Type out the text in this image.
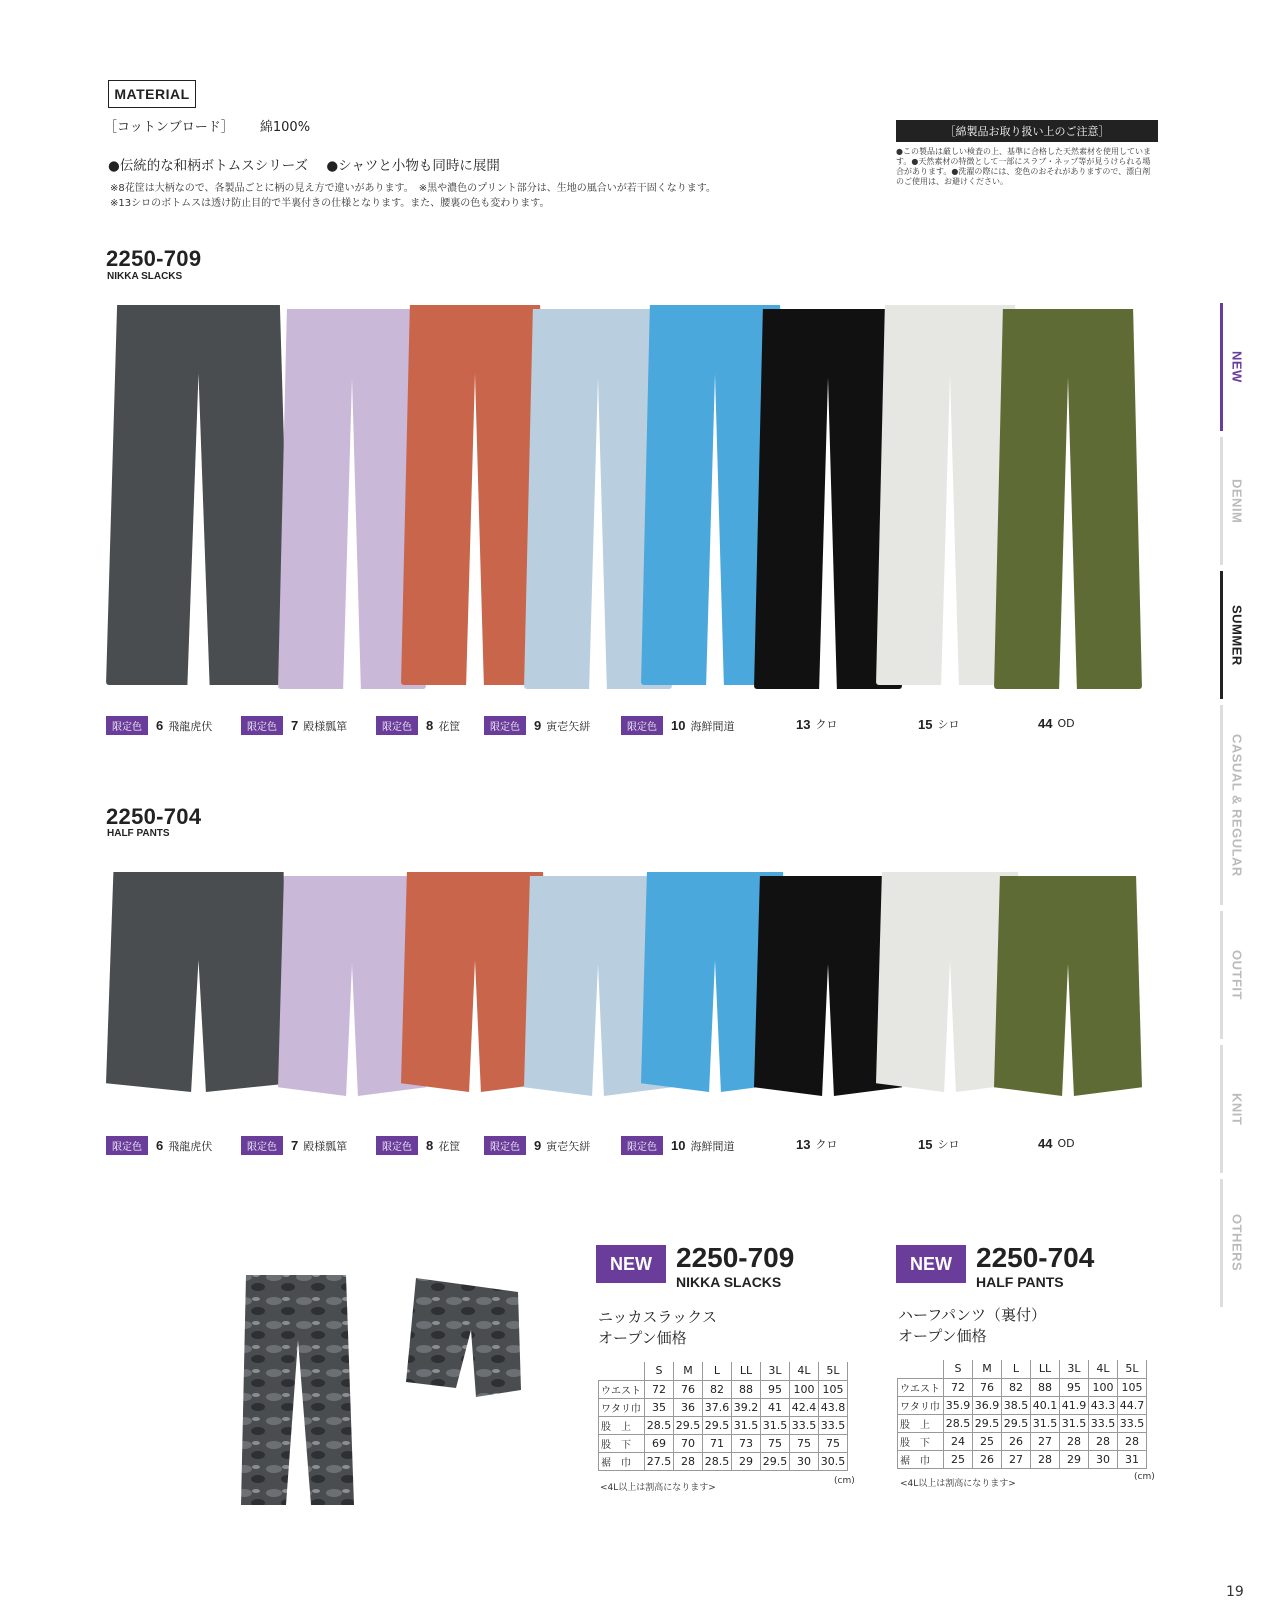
MATERIAL
［コットンブロード］ 綿100%
●伝統的な和柄ボトムスシリーズ ●シャツと小物も同時に展開
※8花筐は大柄なので、各製品ごとに柄の見え方で違いがあります。　※黒や濃色のプリント部分は、生地の風合いが若干固くなります。
※13シロのボトムスは透け防止目的で半裏付きの仕様となります。また、腰裏の色も変わります。
［綿製品お取り扱い上のご注意］
●この製品は厳しい検査の上、基準に合格した天然素材を使用しています。●天然素材の特徴として一部にスラブ・ネップ等が見うけられる場合があります。●洗濯の際には、変色のおそれがありますので、漂白剤のご使用は、お避けください。
2250-709
NIKKA SLACKS
限定色	6 飛龍虎伏	限定色	7 殿様瓢箪	限定色	8 花筐	限定色	9 寅壱矢絣	限定色	10 海鮮間道	13 クロ	15 シロ	44 OD
2250-704
HALF PANTS
限定色	6 飛龍虎伏	限定色	7 殿様瓢箪	限定色	8 花筐	限定色	9 寅壱矢絣	限定色	10 海鮮間道	13 クロ	15 シロ	44 OD
NEW
DENIM
SUMMER
CASUAL & REGULAR
OUTFIT
KNIT
OTHERS
NEW 2250-709
NIKKA SLACKS
ニッカスラックス
オープン価格
	S	M	L	LL	3L	4L	5L
ウエスト	72	76	82	88	95	100	105
ワタリ巾	35	36	37.6	39.2	41	42.4	43.8
股　上	28.5	29.5	29.5	31.5	31.5	33.5	33.5
股　下	69	70	71	73	75	75	75
裾　巾	27.5	28	28.5	29	29.5	30	30.5
<4L以上は割高になります>
(cm)
NEW 2250-704
HALF PANTS
ハーフパンツ（裏付）
オープン価格
	S	M	L	LL	3L	4L	5L
ウエスト	72	76	82	88	95	100	105
ワタリ巾	35.9	36.9	38.5	40.1	41.9	43.3	44.7
股　上	28.5	29.5	29.5	31.5	31.5	33.5	33.5
股　下	24	25	26	27	28	28	28
裾　巾	25	26	27	28	29	30	31
<4L以上は割高になります>
(cm)
19
